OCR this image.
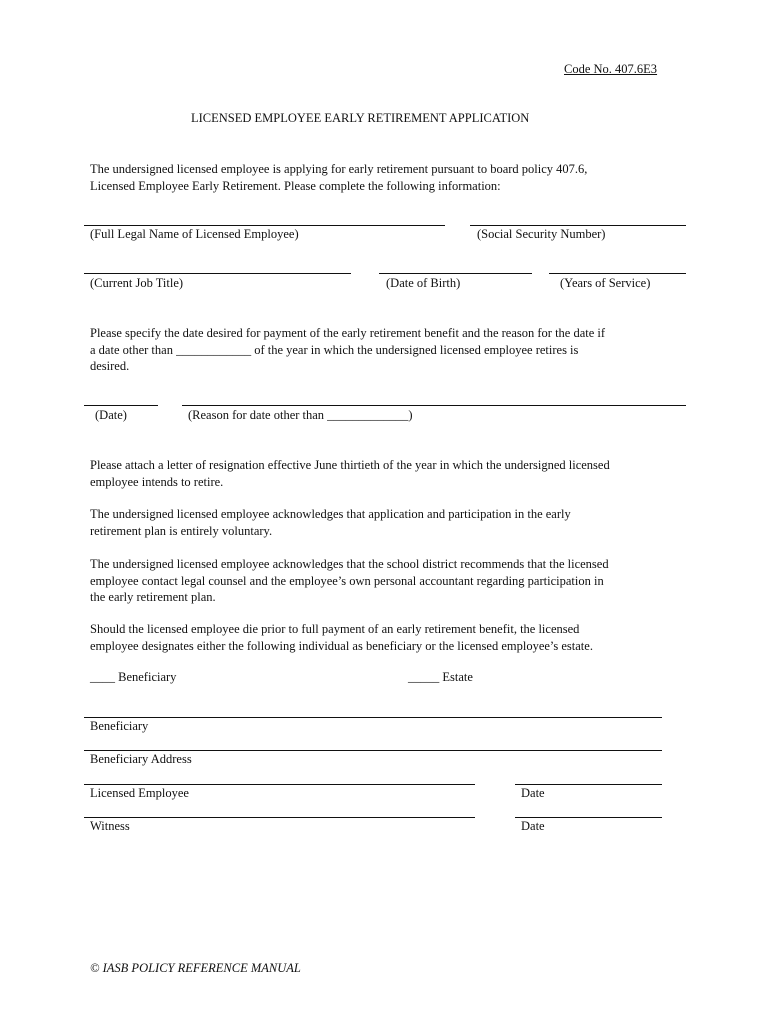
Code No. 407.6E3
LICENSED EMPLOYEE EARLY RETIREMENT APPLICATION
The undersigned licensed employee is applying for early retirement pursuant to board policy 407.6,
Licensed Employee Early Retirement. Please complete the following information:
(Full Legal Name of Licensed Employee)	(Social Security Number)
(Current Job Title)	(Date of Birth)	(Years of Service)
Please specify the date desired for payment of the early retirement benefit and the reason for the date if
a date other than ____________ of the year in which the undersigned licensed employee retires is
desired.
(Date)	(Reason for date other than _____________)
Please attach a letter of resignation effective June thirtieth of the year in which the undersigned licensed
employee intends to retire.
The undersigned licensed employee acknowledges that application and participation in the early
retirement plan is entirely voluntary.
The undersigned licensed employee acknowledges that the school district recommends that the licensed
employee contact legal counsel and the employee’s own personal accountant regarding participation in
the early retirement plan.
Should the licensed employee die prior to full payment of an early retirement benefit, the licensed
employee designates either the following individual as beneficiary or the licensed employee’s estate.
____ Beneficiary	_____ Estate
Beneficiary
Beneficiary Address
Licensed Employee	Date
Witness	Date
© IASB POLICY REFERENCE MANUAL
